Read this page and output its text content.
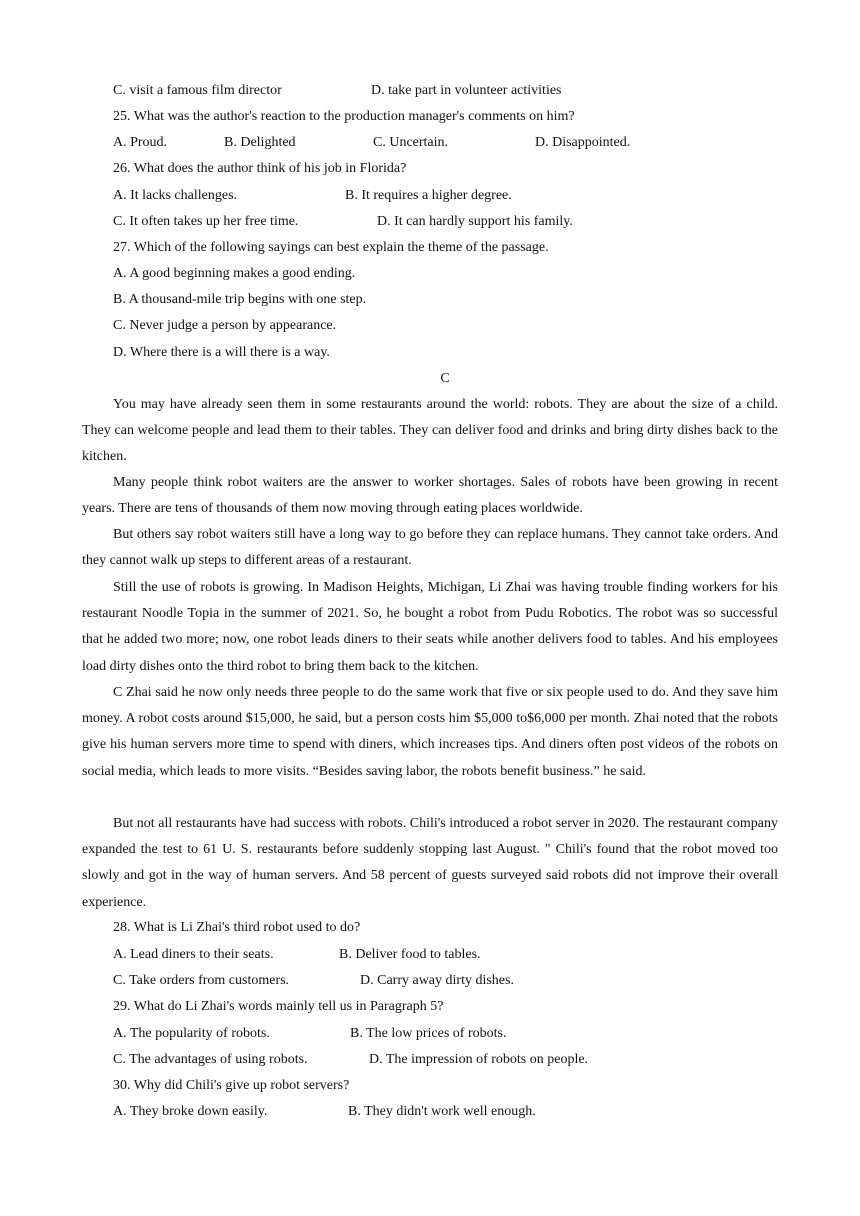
C. visit a famous film director	D. take part in volunteer activities
25. What was the author's reaction to the production manager's comments on him?
A. Proud.	B. Delighted	C. Uncertain.	D. Disappointed.
26. What does the author think of his job in Florida?
A. It lacks challenges.	B. It requires a higher degree.
C. It often takes up her free time.	D. It can hardly support his family.
27. Which of the following sayings can best explain the theme of the passage.
A. A good beginning makes a good ending.
B. A thousand-mile trip begins with one step.
C. Never judge a person by appearance.
D. Where there is a will there is a way.
C
You may have already seen them in some restaurants around the world: robots. They are about the size of a child. They can welcome people and lead them to their tables. They can deliver food and drinks and bring dirty dishes back to the kitchen.
Many people think robot waiters are the answer to worker shortages. Sales of robots have been growing in recent years. There are tens of thousands of them now moving through eating places worldwide.
But others say robot waiters still have a long way to go before they can replace humans. They cannot take orders. And they cannot walk up steps to different areas of a restaurant.
Still the use of robots is growing. In Madison Heights, Michigan, Li Zhai was having trouble finding workers for his restaurant Noodle Topia in the summer of 2021. So, he bought a robot from Pudu Robotics. The robot was so successful that he added two more; now, one robot leads diners to their seats while another delivers food to tables. And his employees load dirty dishes onto the third robot to bring them back to the kitchen.
C Zhai said he now only needs three people to do the same work that five or six people used to do. And they save him money. A robot costs around $15,000, he said, but a person costs him $5,000 to$6,000 per month. Zhai noted that the robots give his human servers more time to spend with diners, which increases tips. And diners often post videos of the robots on social media, which leads to more visits. “Besides saving labor, the robots benefit business.” he said.
But not all restaurants have had success with robots. Chili's introduced a robot server in 2020. The restaurant company expanded the test to 61 U. S. restaurants before suddenly stopping last August. " Chili's found that the robot moved too slowly and got in the way of human servers. And 58 percent of guests surveyed said robots did not improve their overall experience.
28. What is Li Zhai's third robot used to do?
A. Lead diners to their seats.	B. Deliver food to tables.
C. Take orders from customers.	D. Carry away dirty dishes.
29. What do Li Zhai's words mainly tell us in Paragraph 5?
A. The popularity of robots.	B. The low prices of robots.
C. The advantages of using robots.	D. The impression of robots on people.
30. Why did Chili's give up robot servers?
A. They broke down easily.	B. They didn't work well enough.
